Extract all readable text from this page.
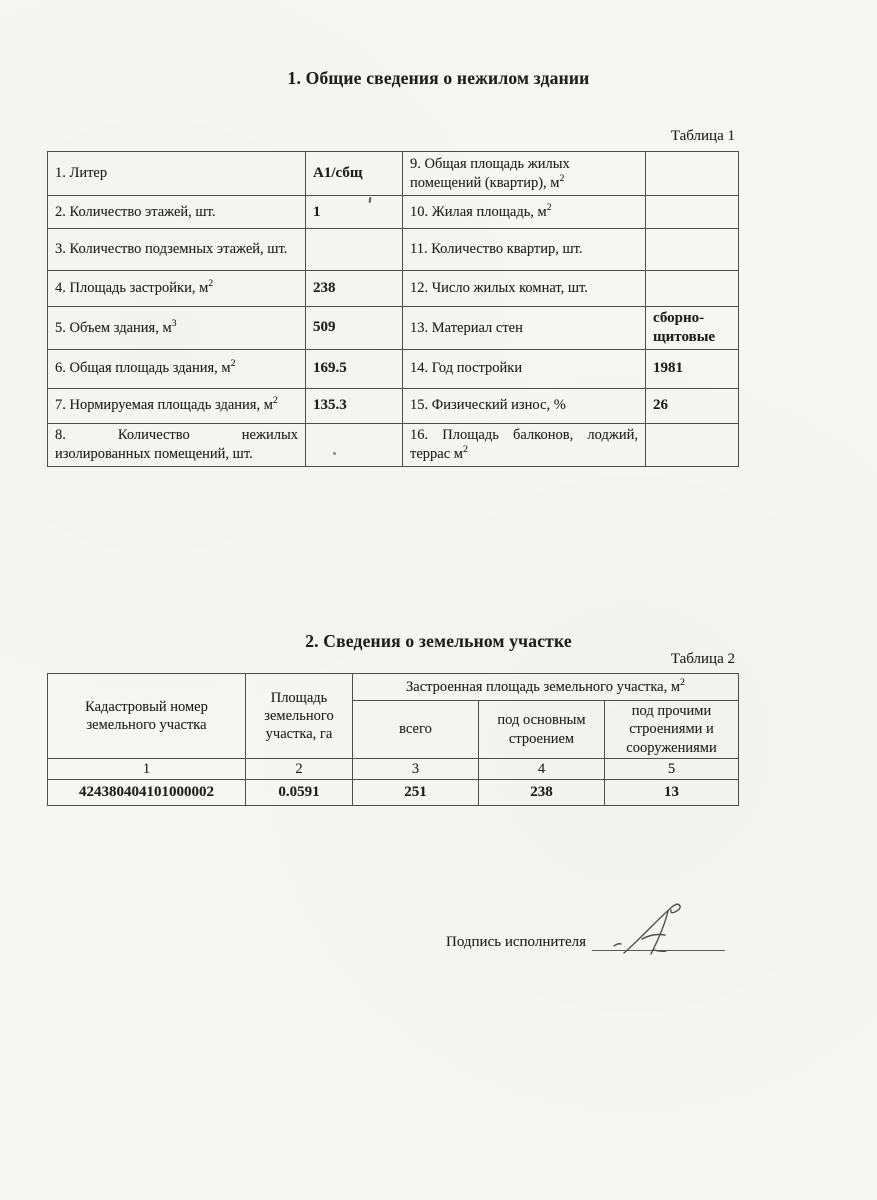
1. Общие сведения о нежилом здании
Таблица 1
1. Литер	А1/сбщ	9. Общая площадь жилых помещений (квартир), $м^2$	
2. Количество этажей, шт.	1	10. Жилая площадь, $м^2$	
3. Количество подземных этажей, шт.		11. Количество квартир, шт.	
4. Площадь застройки, $м^2$	238	12. Число жилых комнат, шт.	
5. Объем здания, $м^3$	509	13. Материал стен	сборно-щитовые
6. Общая площадь здания, $м^2$	169.5	14. Год постройки	1981
7. Нормируемая площадь здания, $м^2$	135.3	15. Физический износ, %	26
8. Количество нежилых изолированных помещений, шт.		16. Площадь балконов, лоджий, террас $м^2$	
2. Сведения о земельном участке
Таблица 2
Кадастровый номер земельного участка	Площадь земельного участка, га	Застроенная площадь земельного участка, $м^2$
		всего	под основным строением	под прочими строениями и сооружениями
1	2	3	4	5
424380404101000002	0.0591	251	238	13
Подпись исполнителя
